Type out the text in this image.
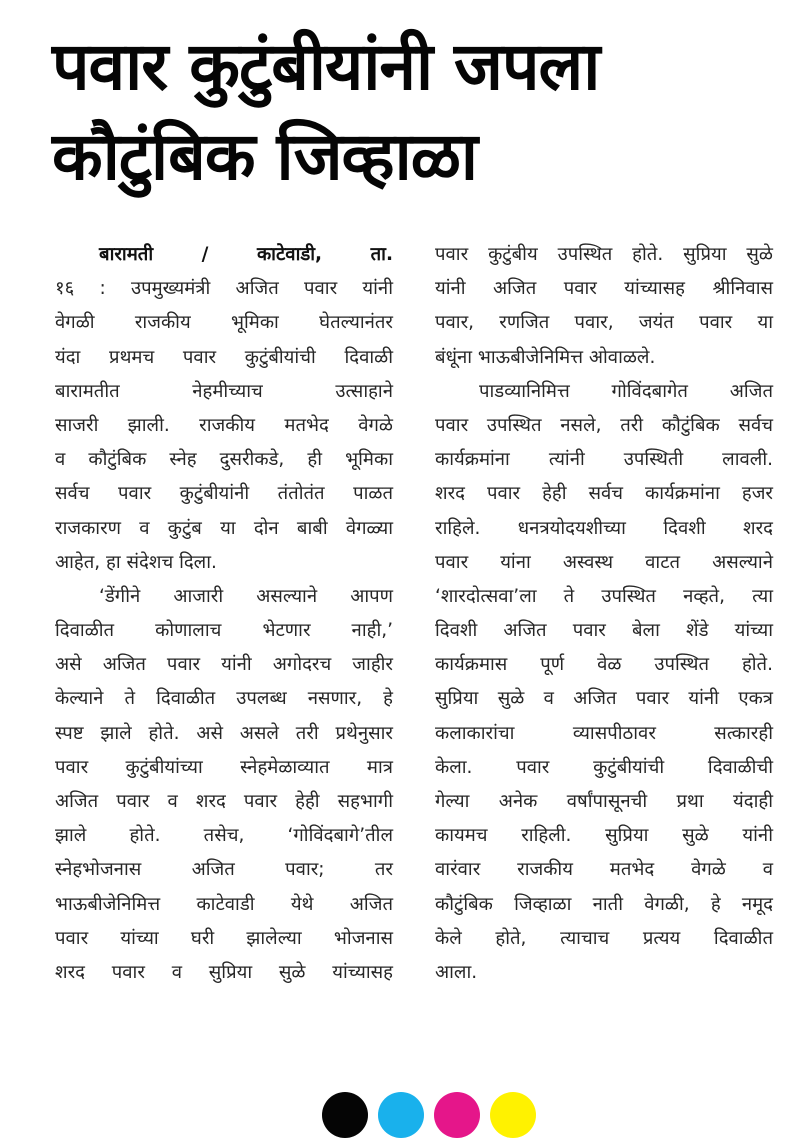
पवार कुटुंबीयांनी जपला
कौटुंबिक जिव्हाळा
बारामती / काटेवाडी, ता.
१६ : उपमुख्यमंत्री अजित पवार यांनी
वेगळी राजकीय भूमिका घेतल्यानंतर
यंदा प्रथमच पवार कुटुंबीयांची दिवाळी
बारामतीत नेहमीच्याच उत्साहाने
साजरी झाली. राजकीय मतभेद वेगळे
व कौटुंबिक स्नेह दुसरीकडे, ही भूमिका
सर्वच पवार कुटुंबीयांनी तंतोतंत पाळत
राजकारण व कुटुंब या दोन बाबी वेगळ्या
आहेत, हा संदेशच दिला.
‘डेंगीने आजारी असल्याने आपण
दिवाळीत कोणालाच भेटणार नाही,’
असे अजित पवार यांनी अगोदरच जाहीर
केल्याने ते दिवाळीत उपलब्ध नसणार, हे
स्पष्ट झाले होते. असे असले तरी प्रथेनुसार
पवार कुटुंबीयांच्या स्नेहमेळाव्यात मात्र
अजित पवार व शरद पवार हेही सहभागी
झाले होते. तसेच, ‘गोविंदबागे’तील
स्नेहभोजनास अजित पवार; तर
भाऊबीजेनिमित्त काटेवाडी येथे अजित
पवार यांच्या घरी झालेल्या भोजनास
शरद पवार व सुप्रिया सुळे यांच्यासह
पवार कुटुंबीय उपस्थित होते. सुप्रिया सुळे
यांनी अजित पवार यांच्यासह श्रीनिवास
पवार, रणजित पवार, जयंत पवार या
बंधूंना भाऊबीजेनिमित्त ओवाळले.
पाडव्यानिमित्त गोविंदबागेत अजित
पवार उपस्थित नसले, तरी कौटुंबिक सर्वच
कार्यक्रमांना त्यांनी उपस्थिती लावली.
शरद पवार हेही सर्वच कार्यक्रमांना हजर
राहिले. धनत्रयोदयशीच्या दिवशी शरद
पवार यांना अस्वस्थ वाटत असल्याने
‘शारदोत्सवा’ला ते उपस्थित नव्हते, त्या
दिवशी अजित पवार बेला शेंडे यांच्या
कार्यक्रमास पूर्ण वेळ उपस्थित होते.
सुप्रिया सुळे व अजित पवार यांनी एकत्र
कलाकारांचा व्यासपीठावर सत्कारही
केला. पवार कुटुंबीयांची दिवाळीची
गेल्या अनेक वर्षांपासूनची प्रथा यंदाही
कायमच राहिली. सुप्रिया सुळे यांनी
वारंवार राजकीय मतभेद वेगळे व
कौटुंबिक जिव्हाळा नाती वेगळी, हे नमूद
केले होते, त्याचाच प्रत्यय दिवाळीत
आला.
